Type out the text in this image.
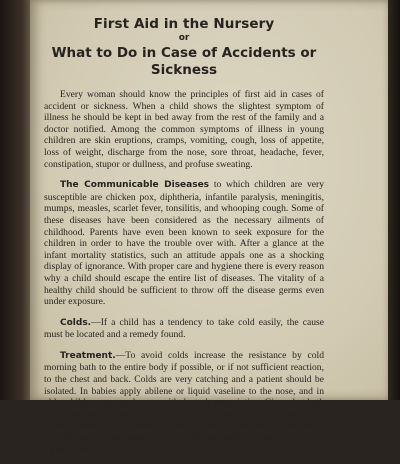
First Aid in the Nursery
or
What to Do in Case of Accidents or Sickness

Every woman should know the principles of first aid in cases of accident or sickness. When a child shows the slightest symptom of illness he should be kept in bed away from the rest of the family and a doctor notified. Among the common symptoms of illness in young children are skin eruptions, cramps, vomiting, cough, loss of appetite, loss of weight, discharge from the nose, sore throat, headache, fever, constipation, stupor or dullness, and profuse sweating.

The Communicable Diseases to which children are very susceptible are chicken pox, diphtheria, infantile paralysis, meningitis, mumps, measles, scarlet fever, tonsilitis, and whooping cough. Some of these diseases have been considered as the necessary ailments of childhood. Parents have even been known to seek exposure for the children in order to have the trouble over with. After a glance at the infant mortality statistics, such an attitude appals one as a shocking display of ignorance. With proper care and hygiene there is every reason why a child should escape the entire list of diseases. The vitality of a healthy child should be sufficient to throw off the disease germs even under exposure.

Colds.—If a child has a tendency to take cold easily, the cause must be located and a remedy found.

Treatment.—To avoid colds increase the resistance by cold morning bath to the entire body if possible, or if not sufficient reaction, to the chest and back. Colds are very catching and a patient should be isolated. In babies apply abilene or liquid vaseline to the nose, and in older children use nasal spray with doctor's prescription. Give a hot bath and wrap well to produce perspiration, but be sure to rub well with alcohol before rising in order to close the pores. Give laxative and plenty of cold water. If the treatment does not bring results in a day or two, call a physician.
